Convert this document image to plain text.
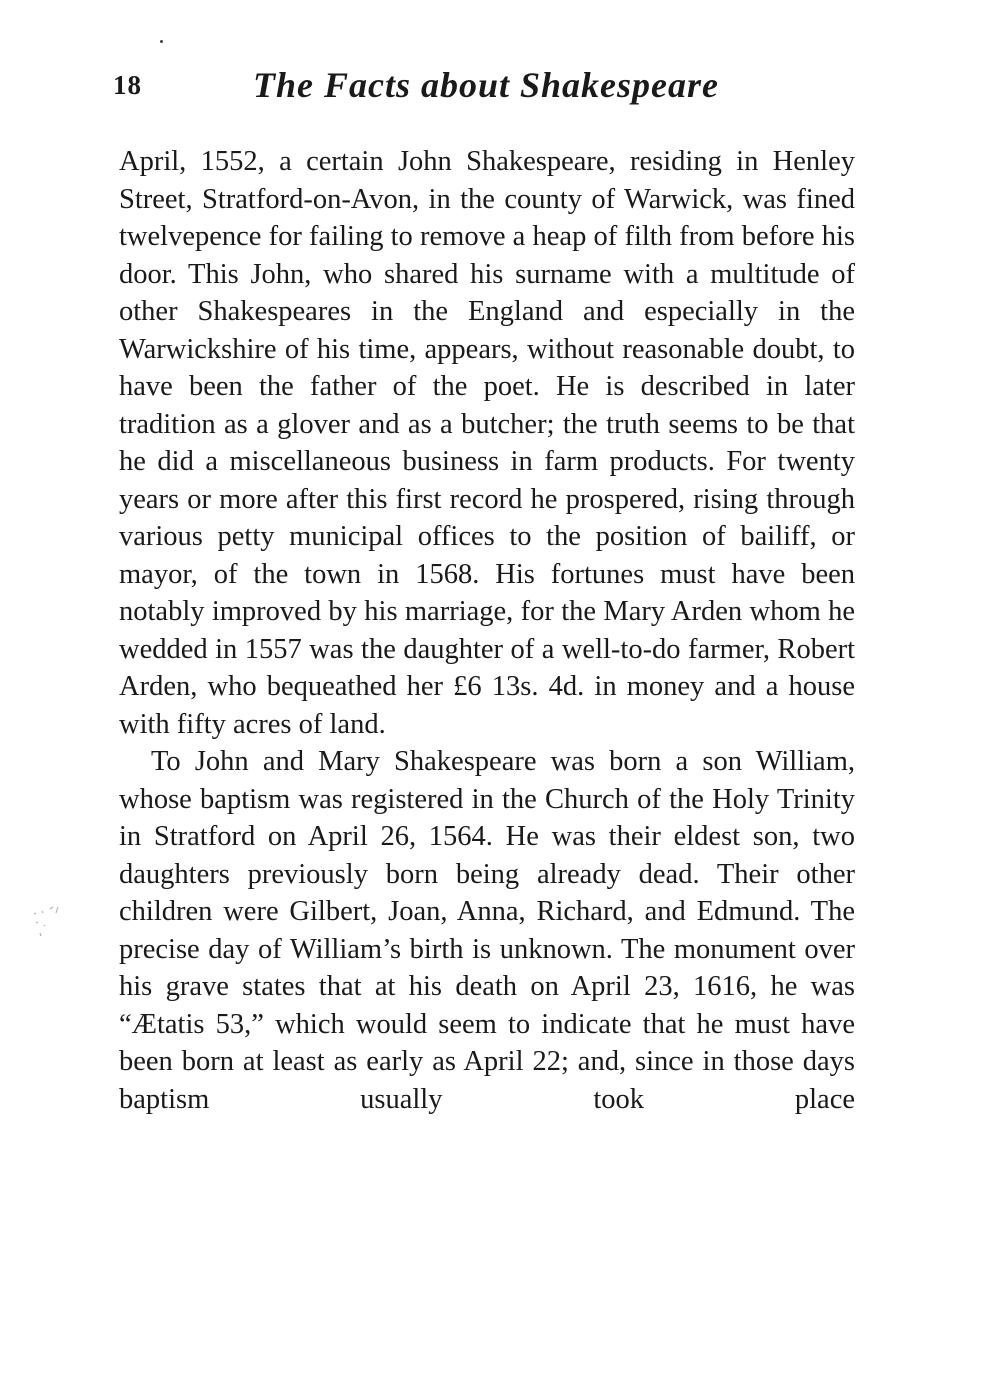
18	The Facts about Shakespeare

April, 1552, a certain John Shakespeare, residing in Henley Street, Stratford-on-Avon, in the county of Warwick, was fined twelvepence for failing to remove a heap of filth from before his door. This John, who shared his surname with a multitude of other Shakespeares in the England and especially in the Warwickshire of his time, appears, without reasonable doubt, to have been the father of the poet. He is described in later tradition as a glover and as a butcher; the truth seems to be that he did a miscellaneous business in farm products. For twenty years or more after this first record he prospered, rising through various petty municipal offices to the position of bailiff, or mayor, of the town in 1568. His fortunes must have been notably improved by his marriage, for the Mary Arden whom he wedded in 1557 was the daughter of a well-to-do farmer, Robert Arden, who bequeathed her £6 13s. 4d. in money and a house with fifty acres of land.

To John and Mary Shakespeare was born a son William, whose baptism was registered in the Church of the Holy Trinity in Stratford on April 26, 1564. He was their eldest son, two daughters previously born being already dead. Their other children were Gilbert, Joan, Anna, Richard, and Edmund. The precise day of William’s birth is unknown. The monument over his grave states that at his death on April 23, 1616, he was “Ætatis 53,” which would seem to indicate that he must have been born at least as early as April 22; and, since in those days baptism usually took place
